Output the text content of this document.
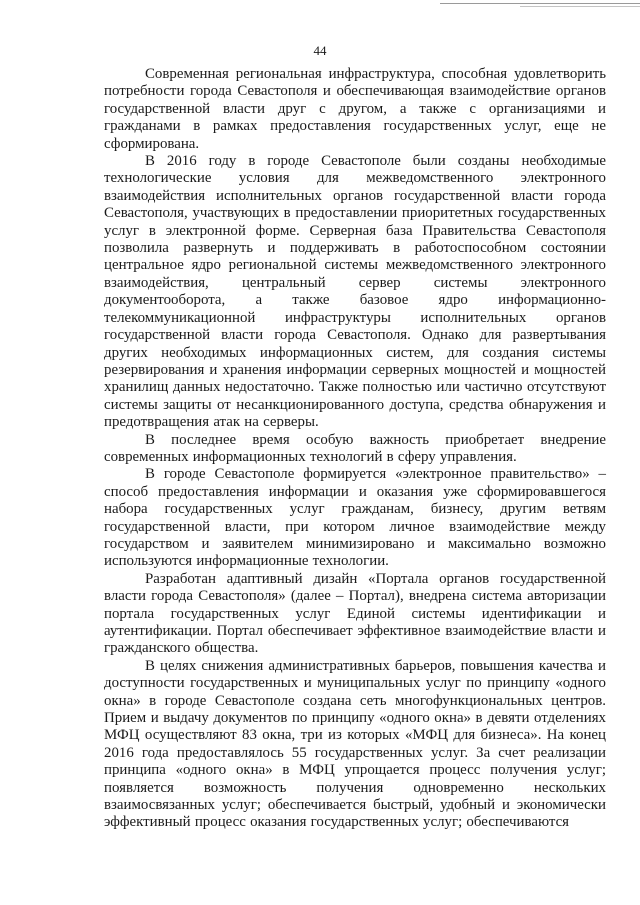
44

Современная региональная инфраструктура, способная удовлетворить потребности города Севастополя и обеспечивающая взаимодействие органов государственной власти друг с другом, а также с организациями и гражданами в рамках предоставления государственных услуг, еще не сформирована.

В 2016 году в городе Севастополе были созданы необходимые технологические условия для межведомственного электронного взаимодействия исполнительных органов государственной власти города Севастополя, участвующих в предоставлении приоритетных государственных услуг в электронной форме. Серверная база Правительства Севастополя позволила развернуть и поддерживать в работоспособном состоянии центральное ядро региональной системы межведомственного электронного взаимодействия, центральный сервер системы электронного документооборота, а также базовое ядро информационно-телекоммуникационной инфраструктуры исполнительных органов государственной власти города Севастополя. Однако для развертывания других необходимых информационных систем, для создания системы резервирования и хранения информации серверных мощностей и мощностей хранилищ данных недостаточно. Также полностью или частично отсутствуют системы защиты от несанкционированного доступа, средства обнаружения и предотвращения атак на серверы.

В последнее время особую важность приобретает внедрение современных информационных технологий в сферу управления.

В городе Севастополе формируется «электронное правительство» – способ предоставления информации и оказания уже сформировавшегося набора государственных услуг гражданам, бизнесу, другим ветвям государственной власти, при котором личное взаимодействие между государством и заявителем минимизировано и максимально возможно используются информационные технологии.

Разработан адаптивный дизайн «Портала органов государственной власти города Севастополя» (далее – Портал), внедрена система авторизации портала государственных услуг Единой системы идентификации и аутентификации. Портал обеспечивает эффективное взаимодействие власти и гражданского общества.

В целях снижения административных барьеров, повышения качества и доступности государственных и муниципальных услуг по принципу «одного окна» в городе Севастополе создана сеть многофункциональных центров. Прием и выдачу документов по принципу «одного окна» в девяти отделениях МФЦ осуществляют 83 окна, три из которых «МФЦ для бизнеса». На конец 2016 года предоставлялось 55 государственных услуг. За счет реализации принципа «одного окна» в МФЦ упрощается процесс получения услуг; появляется возможность получения одновременно нескольких взаимосвязанных услуг; обеспечивается быстрый, удобный и экономически эффективный процесс оказания государственных услуг; обеспечиваются
